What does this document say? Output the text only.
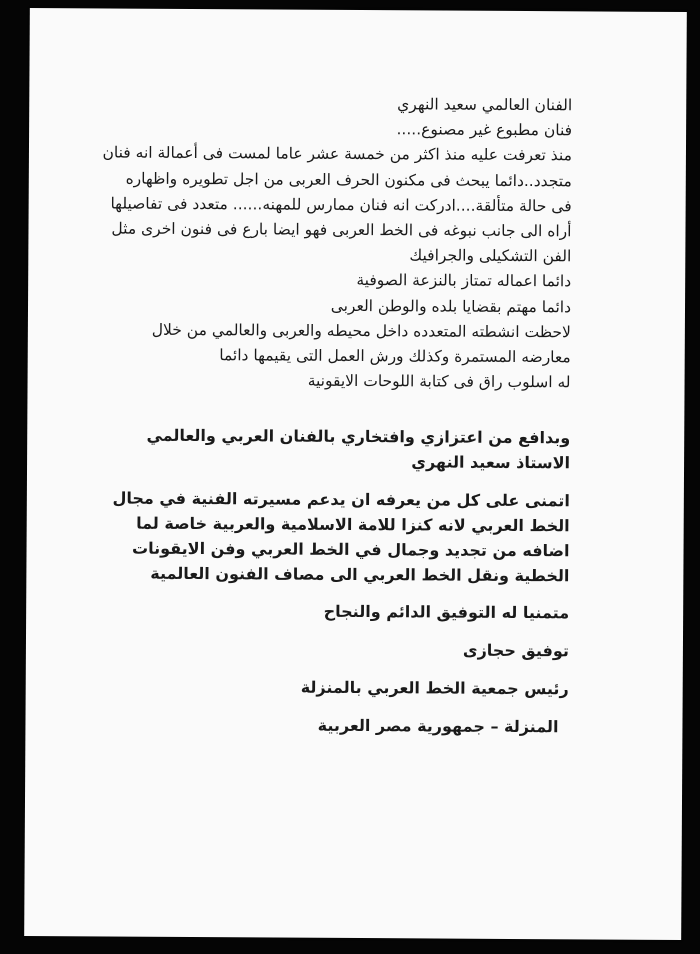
الفنان العالمي سعيد النهري
فنان مطبوع غير مصنوع.....
منذ تعرفت عليه منذ اكثر من خمسة عشر عاما لمست فى أعمالة انه فنان
متجدد..دائما يبحث فى مكنون الحرف العربى من اجل تطويره واظهاره
فى حالة متألقة....ادركت انه فنان ممارس للمهنه...... متعدد فى تفاصيلها
أراه الى جانب نبوغه فى الخط العربى فهو ايضا بارع فى فنون اخرى مثل
الفن التشكيلى والجرافيك
دائما اعماله تمتاز بالنزعة الصوفية
دائما مهتم بقضايا بلده والوطن العربى
لاحظت انشطته المتعدده داخل محيطه والعربى والعالمي من خلال
معارضه المستمرة وكذلك ورش العمل التى يقيمها دائما
له اسلوب راق فى كتابة اللوحات الايقونية
وبدافع من اعتزازي وافتخاري بالفنان العربي والعالمي الاستاذ سعيد النهري
اتمنى على كل من يعرفه ان يدعم مسيرته الفنية في مجال الخط العربي لانه كنزا للامة الاسلامية والعربية خاصة لما اضافه من تجديد وجمال في الخط العربي وفن الايقونات الخطية ونقل الخط العربي الى مصاف الفنون العالمية
متمنيا له التوفيق الدائم والنجاح
توفيق حجازى
رئيس جمعية الخط العربي بالمنزلة
المنزلة – جمهورية مصر العربية
